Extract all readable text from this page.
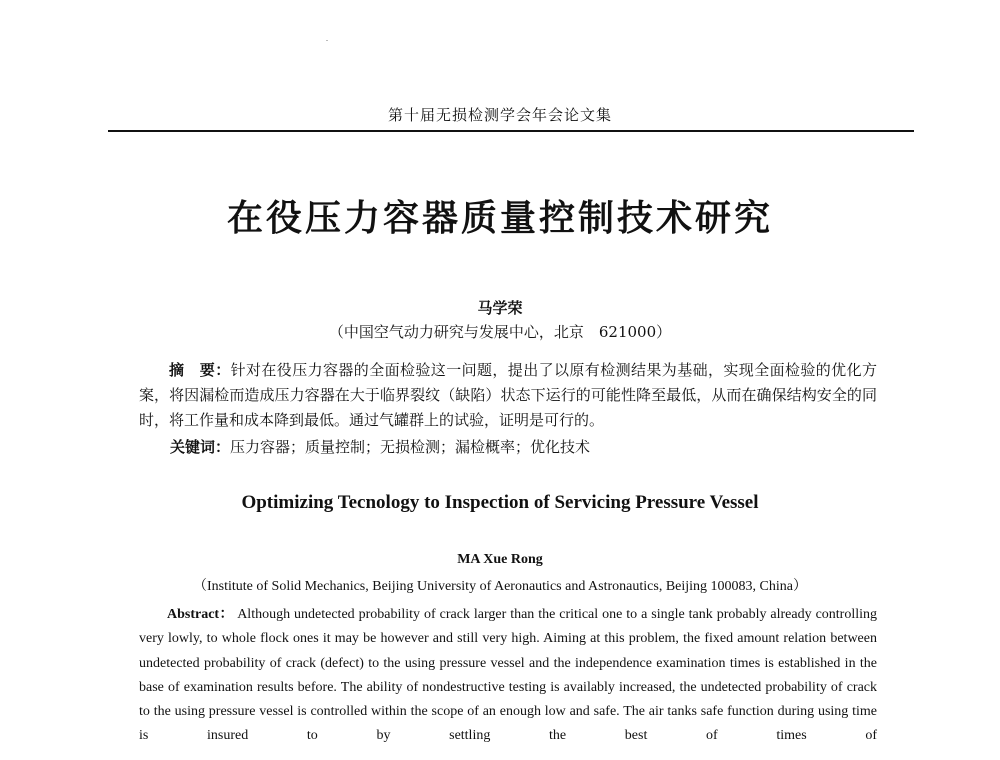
第十届无损检测学会年会论文集
在役压力容器质量控制技术研究
马学荣
（中国空气动力研究与发展中心，北京　621000）

摘　要：针对在役压力容器的全面检验这一问题，提出了以原有检测结果为基础，实现全面检验的优化方案，将因漏检而造成压力容器在大于临界裂纹（缺陷）状态下运行的可能性降至最低，从而在确保结构安全的同时，将工作量和成本降到最低。通过气罐群上的试验，证明是可行的。

关键词：压力容器；质量控制；无损检测；漏检概率；优化技术
Optimizing Tecnology to Inspection of Servicing Pressure Vessel
MA Xue Rong
（Institute of Solid Mechanics, Beijing University of Aeronautics and Astronautics, Beijing 100083, China）

Abstract： Although undetected probability of crack larger than the critical one to a single tank probably already controlling very lowly, to whole flock ones it may be however and still very high. Aiming at this problem, the fixed amount relation between undetected probability of crack (defect) to the using pressure vessel and the independence examination times is established in the base of examination results before. The ability of nondestructive testing is availably increased, the undetected probability of crack to the using pressure vessel is controlled within the scope of an enough low and safe. The air tanks safe function during using time is insured to by settling the best of times of
